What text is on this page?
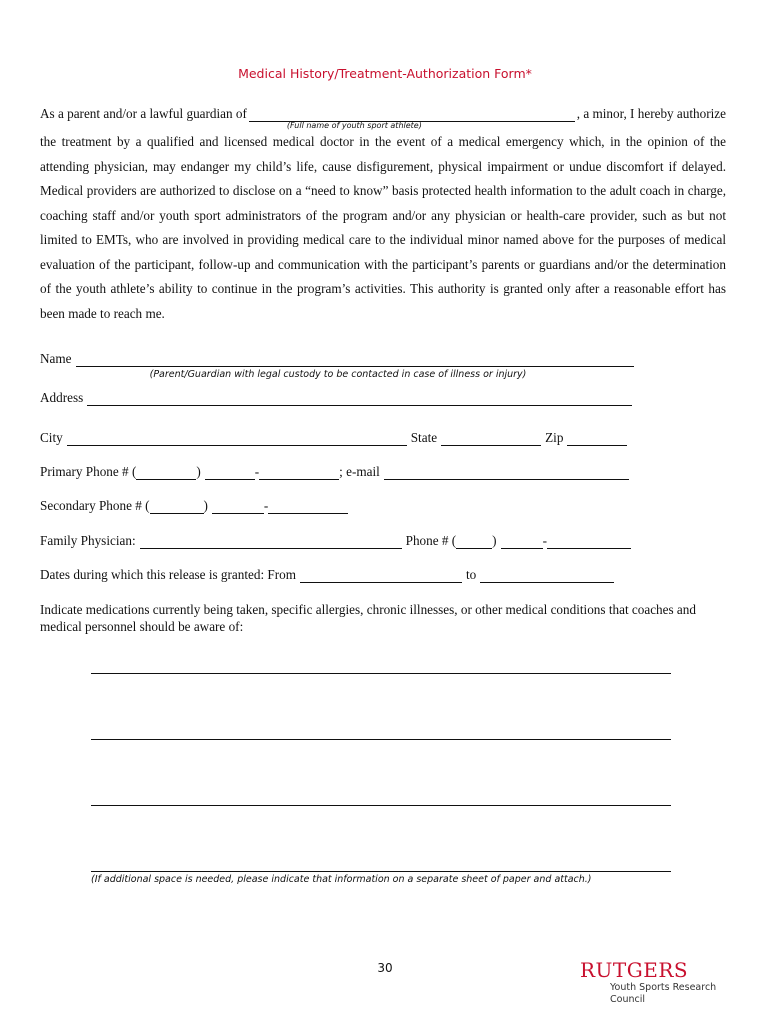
Medical History/Treatment-Authorization Form*
As a parent and/or a lawful guardian of
(Full name of youth sport athlete)
, a minor, I hereby authorize

the treatment by a qualified and licensed medical doctor in the event of a medical emergency which, in the opinion of the attending physician, may endanger my child’s life, cause disfigurement, physical impairment or undue discomfort if delayed. Medical providers are authorized to disclose on a “need to know” basis protected health information to the adult coach in charge, coaching staff and/or youth sport administrators of the program and/or any physician or health-care provider, such as but not limited to EMTs, who are involved in providing medical care to the individual minor named above for the purposes of medical evaluation of the participant, follow-up and communication with the participant’s parents or guardians and/or the determination of the youth athlete’s ability to continue in the program’s activities. This authority is granted only after a reasonable effort has been made to reach me.

Name
(Parent/Guardian with legal custody to be contacted in case of illness or injury)
Address
City	State	Zip
Primary Phone # (	)	-	; e-mail
Secondary Phone # (	)	-
Family Physician:	Phone # (	)	-
Dates during which this release is granted: From	to

Indicate medications currently being taken, specific allergies, chronic illnesses, or other medical conditions that coaches and medical personnel should be aware of:

(If additional space is needed, please indicate that information on a separate sheet of paper and attach.)
30	RUTGERS
Youth Sports Research Council
